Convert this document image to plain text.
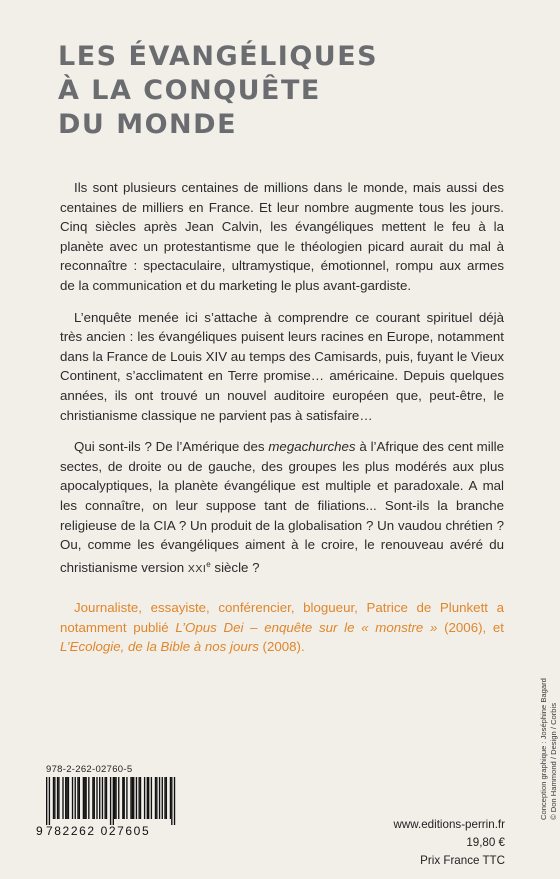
LES ÉVANGÉLIQUES
À LA CONQUÊTE
DU MONDE

Ils sont plusieurs centaines de millions dans le monde, mais aussi des centaines de milliers en France. Et leur nombre augmente tous les jours. Cinq siècles après Jean Calvin, les évangéliques mettent le feu à la planète avec un protestantisme que le théologien picard aurait du mal à reconnaître : spectaculaire, ultramystique, émotionnel, rompu aux armes de la communication et du marketing le plus avant-gardiste.

L’enquête menée ici s’attache à comprendre ce courant spirituel déjà très ancien : les évangéliques puisent leurs racines en Europe, notamment dans la France de Louis XIV au temps des Camisards, puis, fuyant le Vieux Continent, s’acclimatent en Terre promise… américaine. Depuis quelques années, ils ont trouvé un nouvel auditoire européen que, peut-être, le christianisme classique ne parvient pas à satisfaire…

Qui sont-ils ? De l’Amérique des megachurches à l’Afrique des cent mille sectes, de droite ou de gauche, des groupes les plus modérés aux plus apocalyptiques, la planète évangélique est multiple et paradoxale. A mal les connaître, on leur suppose tant de filiations... Sont-ils la branche religieuse de la CIA ? Un produit de la globalisation ? Un vaudou chrétien ? Ou, comme les évangéliques aiment à le croire, le renouveau avéré du christianisme version XXIe siècle ?

Journaliste, essayiste, conférencier, blogueur, Patrice de Plunkett a notamment publié L’Opus Dei – enquête sur le « monstre » (2006), et L’Ecologie, de la Bible à nos jours (2008).
Conception graphique : Joséphine Bagard © Don Hammond / Design / Corbis
978-2-262-02760-5
9 782262 027605	www.editions-perrin.fr
19,80 €
Prix France TTC
